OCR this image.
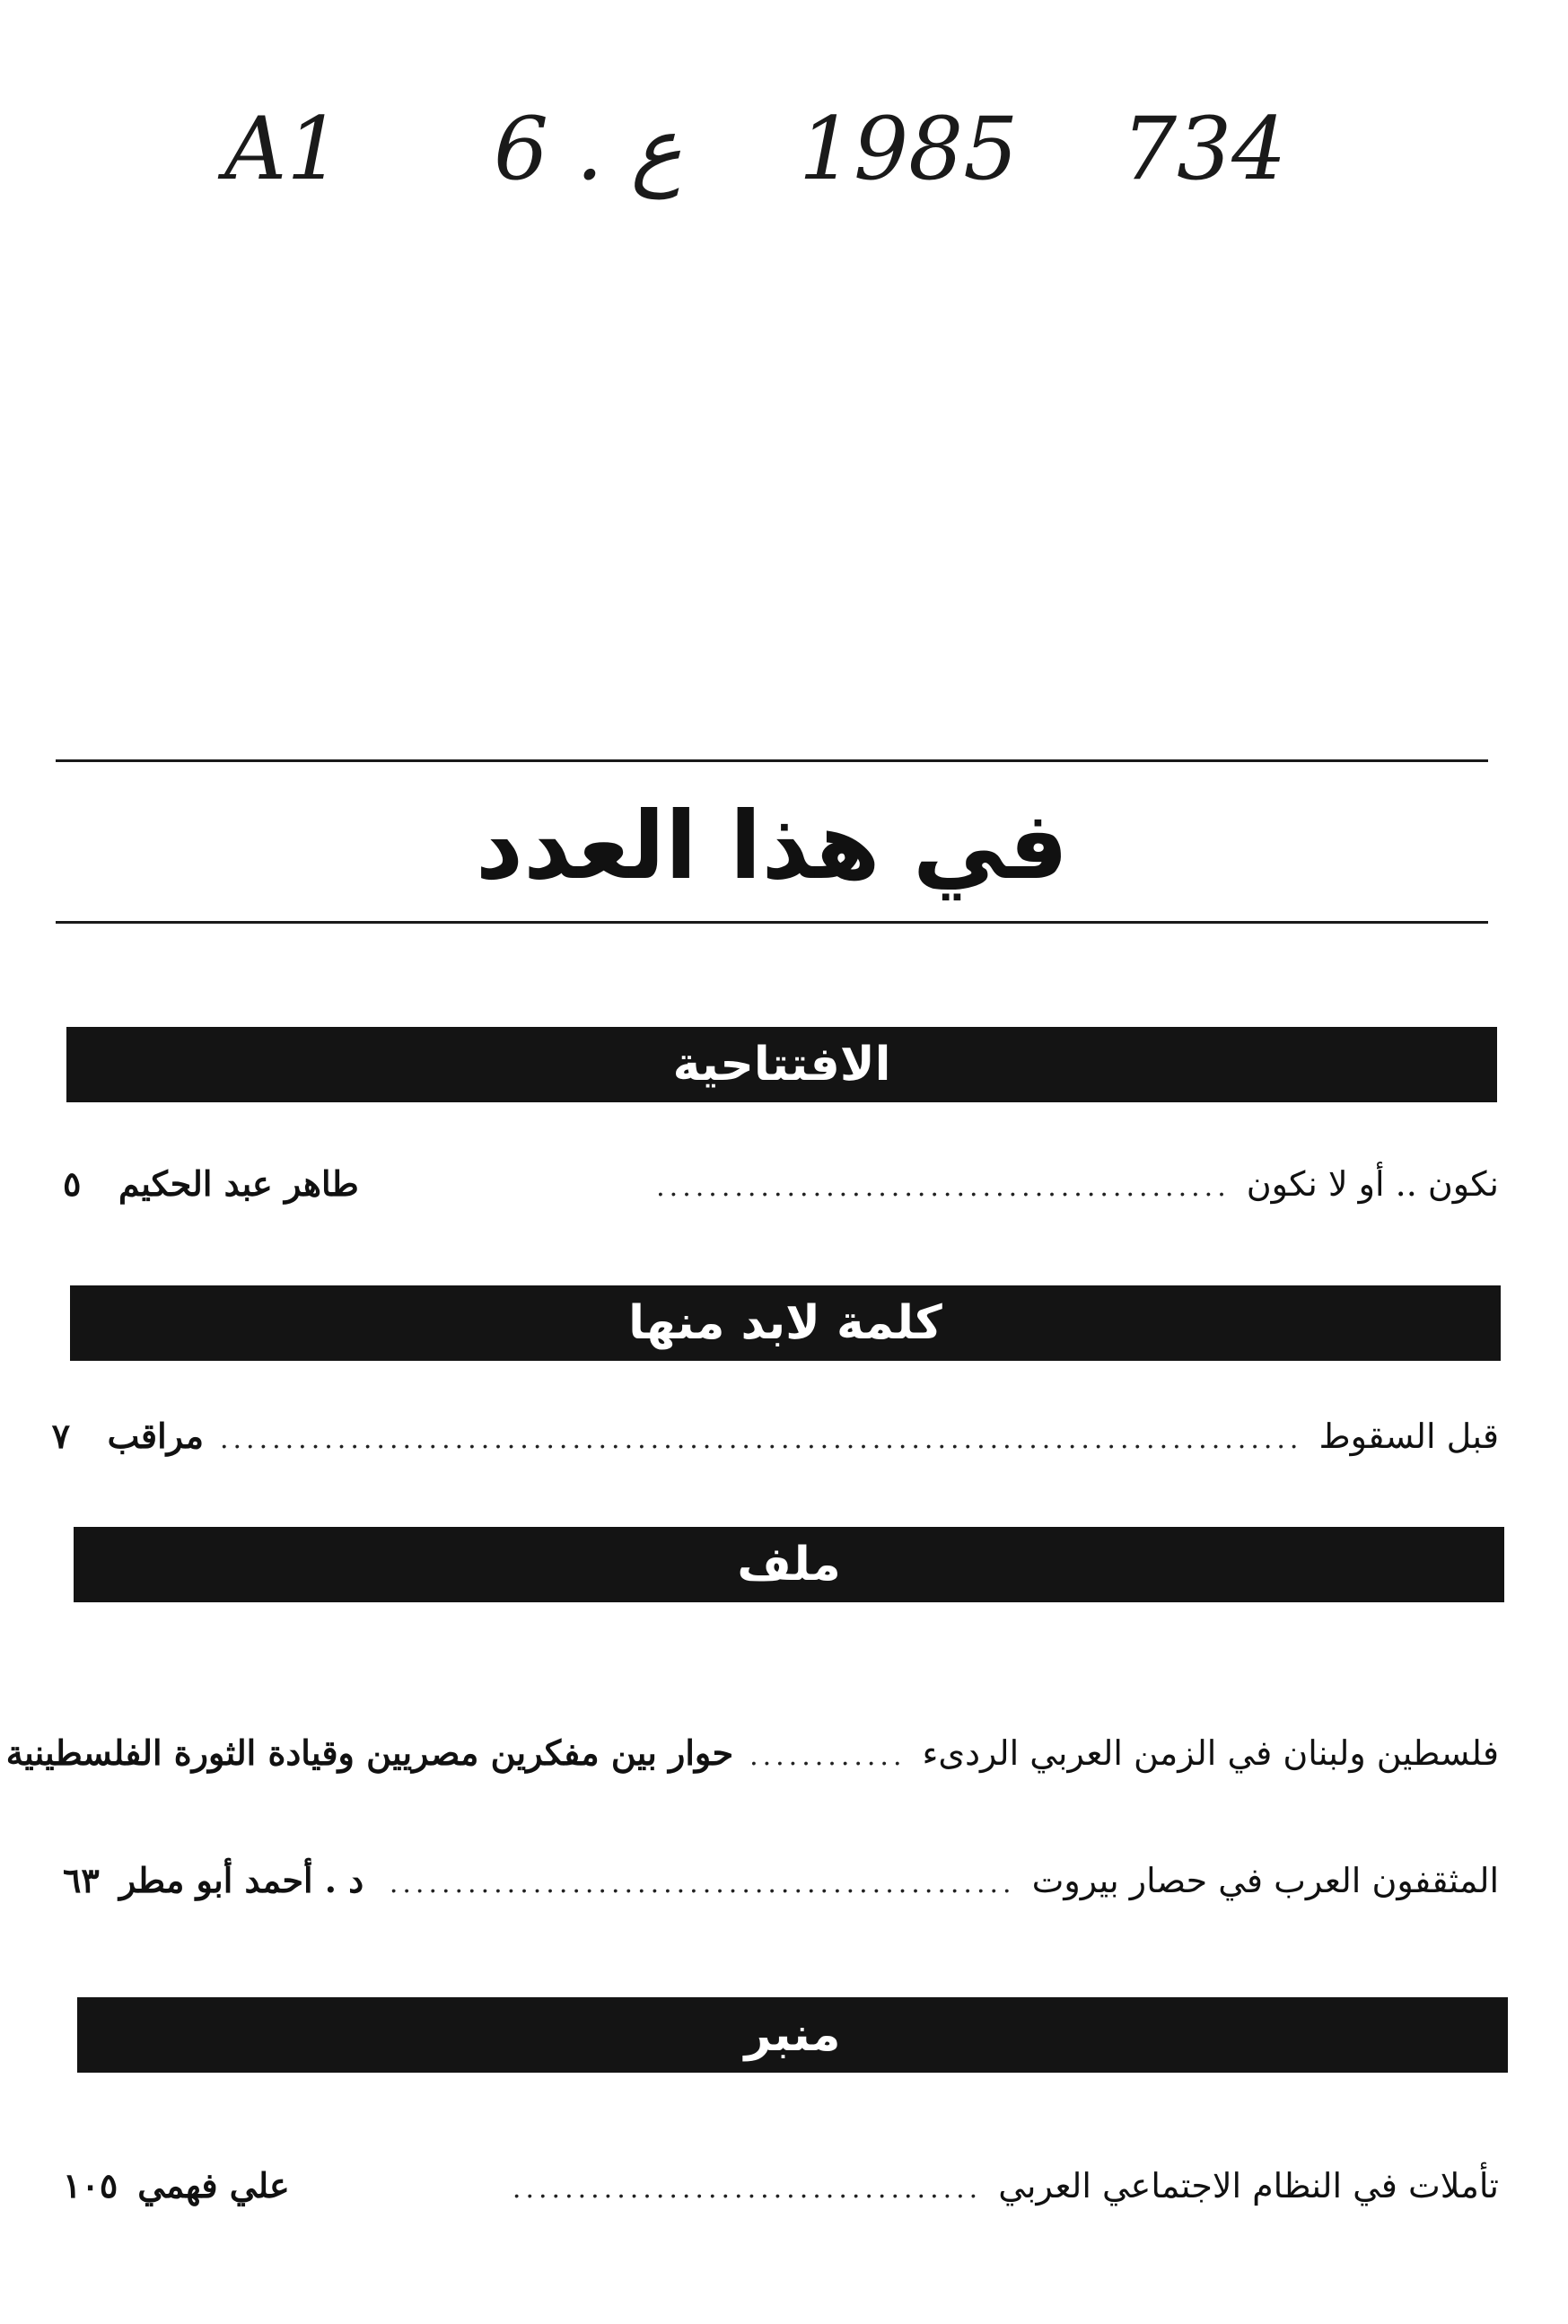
A1 6 . ع 1985 734
في هذا العدد
الافتتاحية
نكون .. أو لا نكون
............................................
طاهر عبد الحكيم
٥
كلمة لابد منها
قبل السقوط
...................................................................................
مراقب
٧
ملف
فلسطين ولبنان في الزمن العربي الردىء
............
حوار بين مفكرين مصريين وقيادة الثورة الفلسطينية
المثقفون العرب في حصار بيروت
................................................
د . أحمد أبو مطر
٦٣
منبر
تأملات في النظام الاجتماعي العربي
....................................
علي فهمي
١٠٥
